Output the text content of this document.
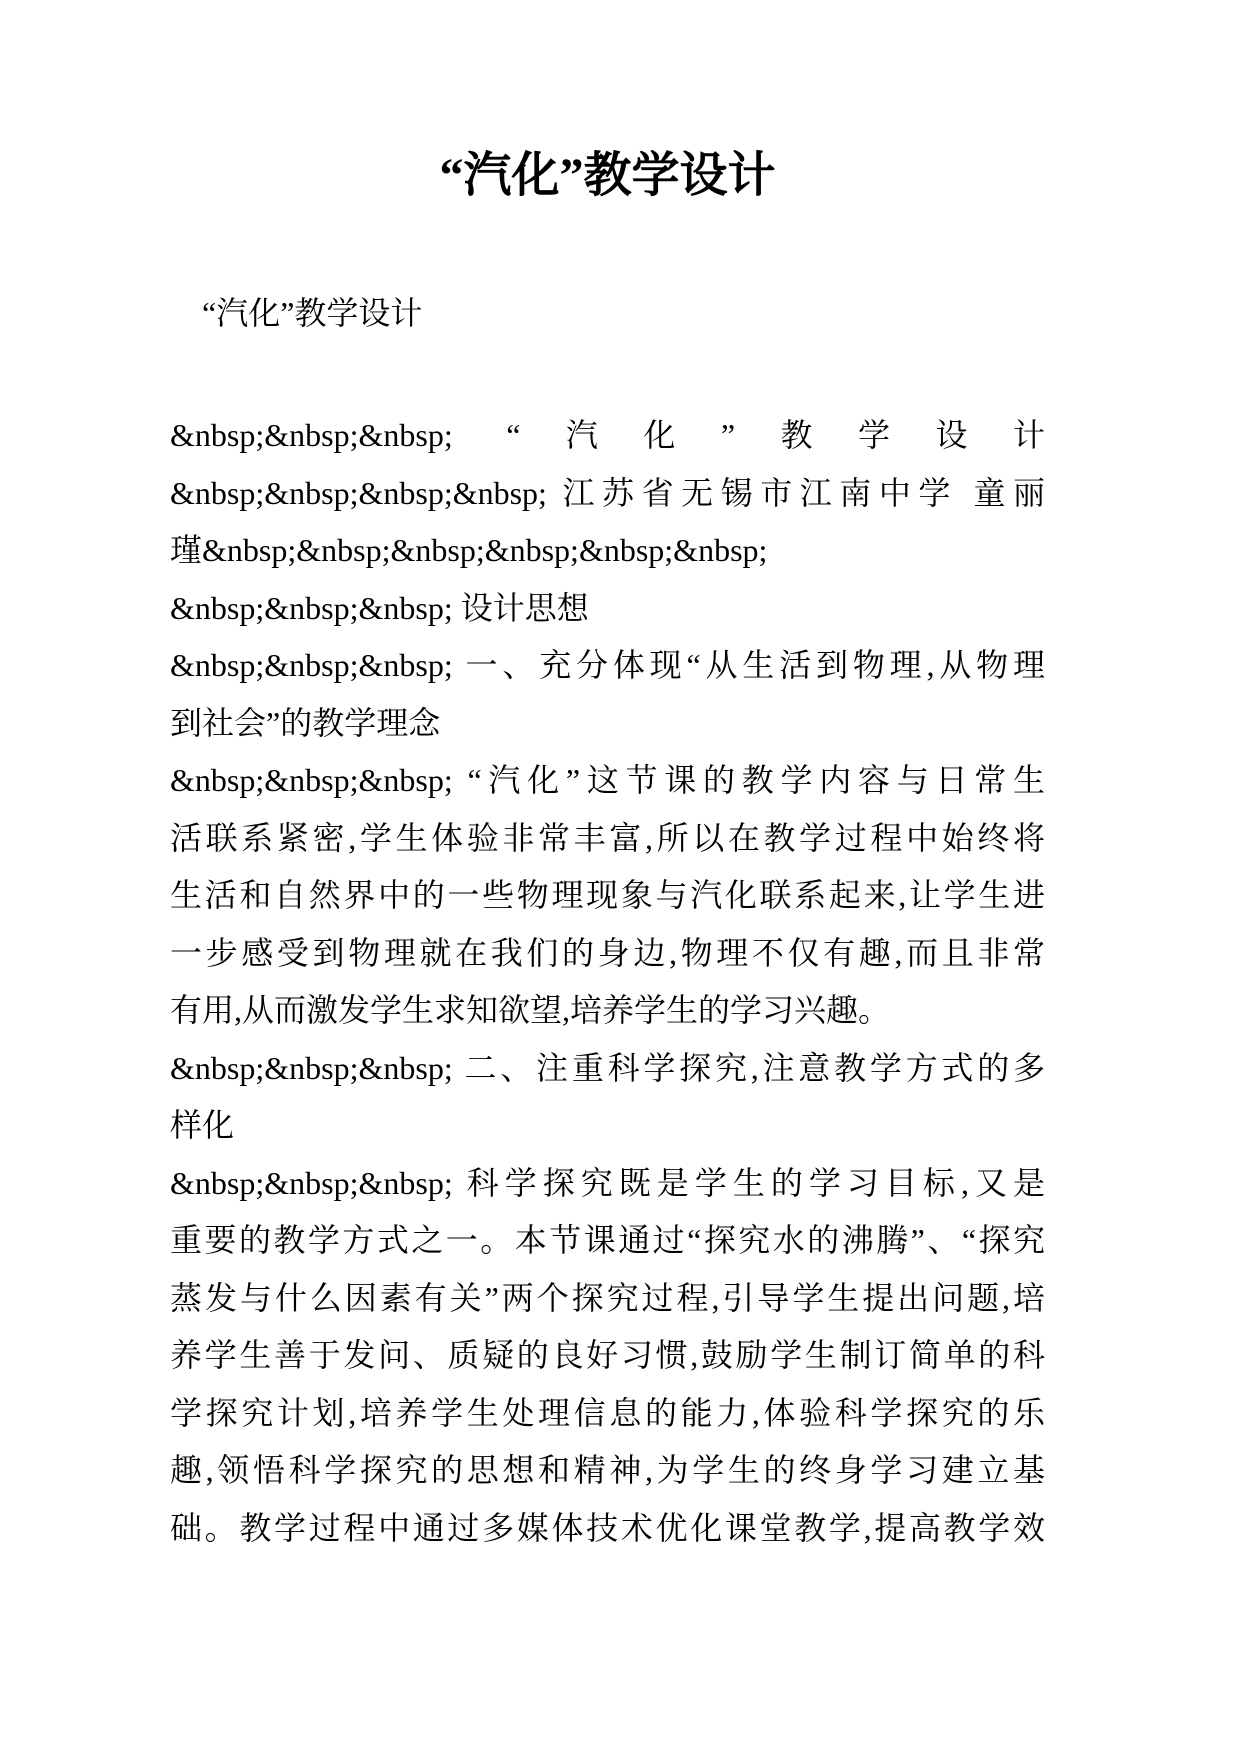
“汽化”教学设计
　“汽化”教学设计
&nbsp;&nbsp;&nbsp; “汽化”教学设计
&nbsp;&nbsp;&nbsp;&nbsp; 江苏省无锡市江南中学 童丽
瑾&nbsp;&nbsp;&nbsp;&nbsp;&nbsp;&nbsp;
&nbsp;&nbsp;&nbsp; 设计思想
&nbsp;&nbsp;&nbsp; 一、充分体现“从生活到物理,从物理
到社会”的教学理念
&nbsp;&nbsp;&nbsp; “汽化”这节课的教学内容与日常生
活联系紧密,学生体验非常丰富,所以在教学过程中始终将
生活和自然界中的一些物理现象与汽化联系起来,让学生进
一步感受到物理就在我们的身边,物理不仅有趣,而且非常
有用,从而激发学生求知欲望,培养学生的学习兴趣。
&nbsp;&nbsp;&nbsp; 二、注重科学探究,注意教学方式的多
样化
&nbsp;&nbsp;&nbsp; 科学探究既是学生的学习目标,又是
重要的教学方式之一。本节课通过“探究水的沸腾”、“探究
蒸发与什么因素有关”两个探究过程,引导学生提出问题,培
养学生善于发问、质疑的良好习惯,鼓励学生制订简单的科
学探究计划,培养学生处理信息的能力,体验科学探究的乐
趣,领悟科学探究的思想和精神,为学生的终身学习建立基
础。教学过程中通过多媒体技术优化课堂教学,提高教学效
